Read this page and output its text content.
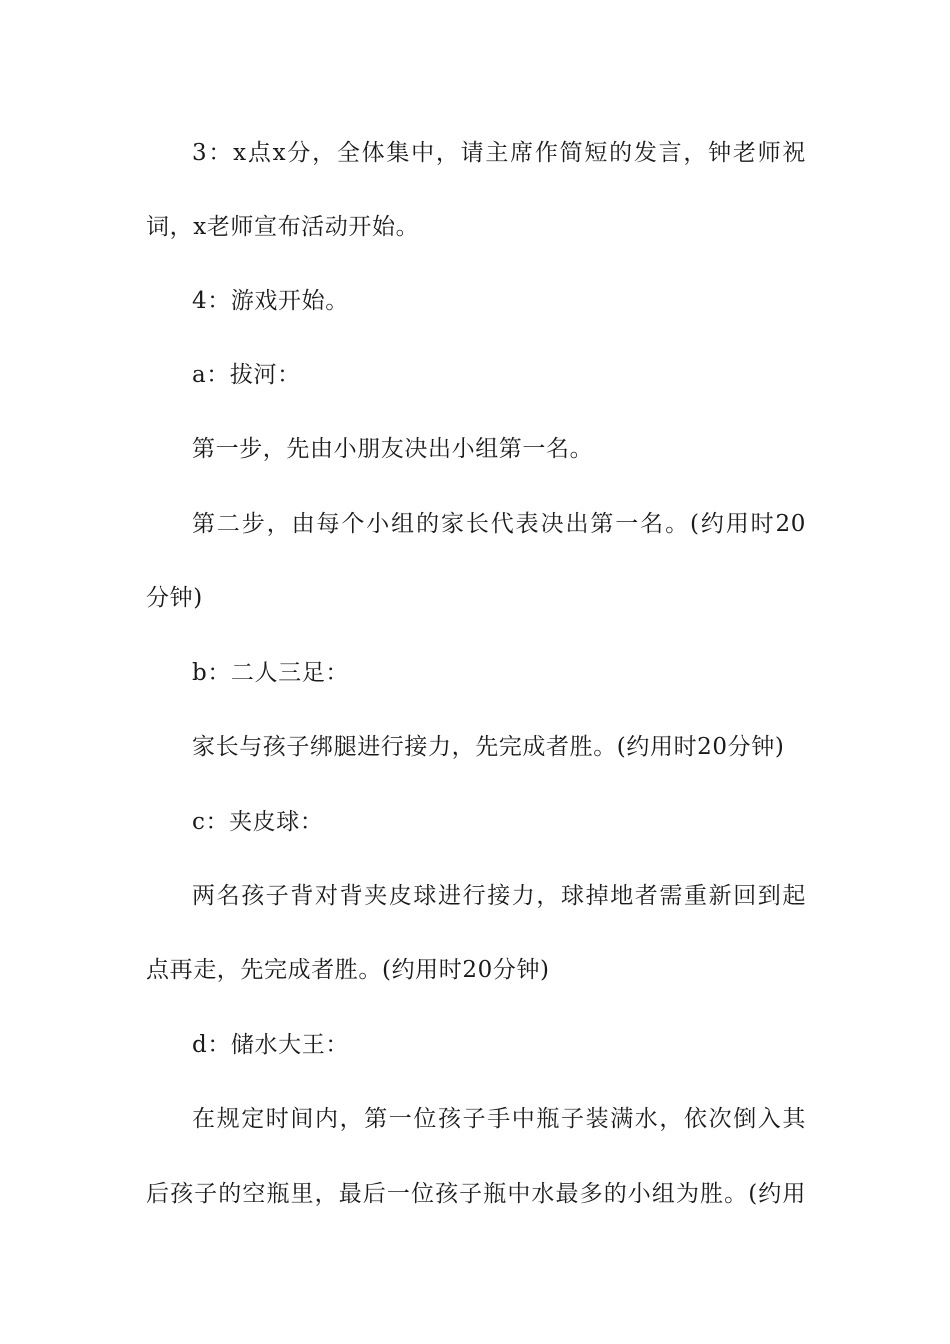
3：x点x分，全体集中，请主席作简短的发言，钟老师祝
词，x老师宣布活动开始。
4：游戏开始。
a：拔河：
第一步，先由小朋友决出小组第一名。
第二步，由每个小组的家长代表决出第一名。(约用时20
分钟)
b：二人三足：
家长与孩子绑腿进行接力，先完成者胜。(约用时20分钟)
c：夹皮球：
两名孩子背对背夹皮球进行接力，球掉地者需重新回到起
点再走，先完成者胜。(约用时20分钟)
d：储水大王：
在规定时间内，第一位孩子手中瓶子装满水，依次倒入其
后孩子的空瓶里，最后一位孩子瓶中水最多的小组为胜。(约用
